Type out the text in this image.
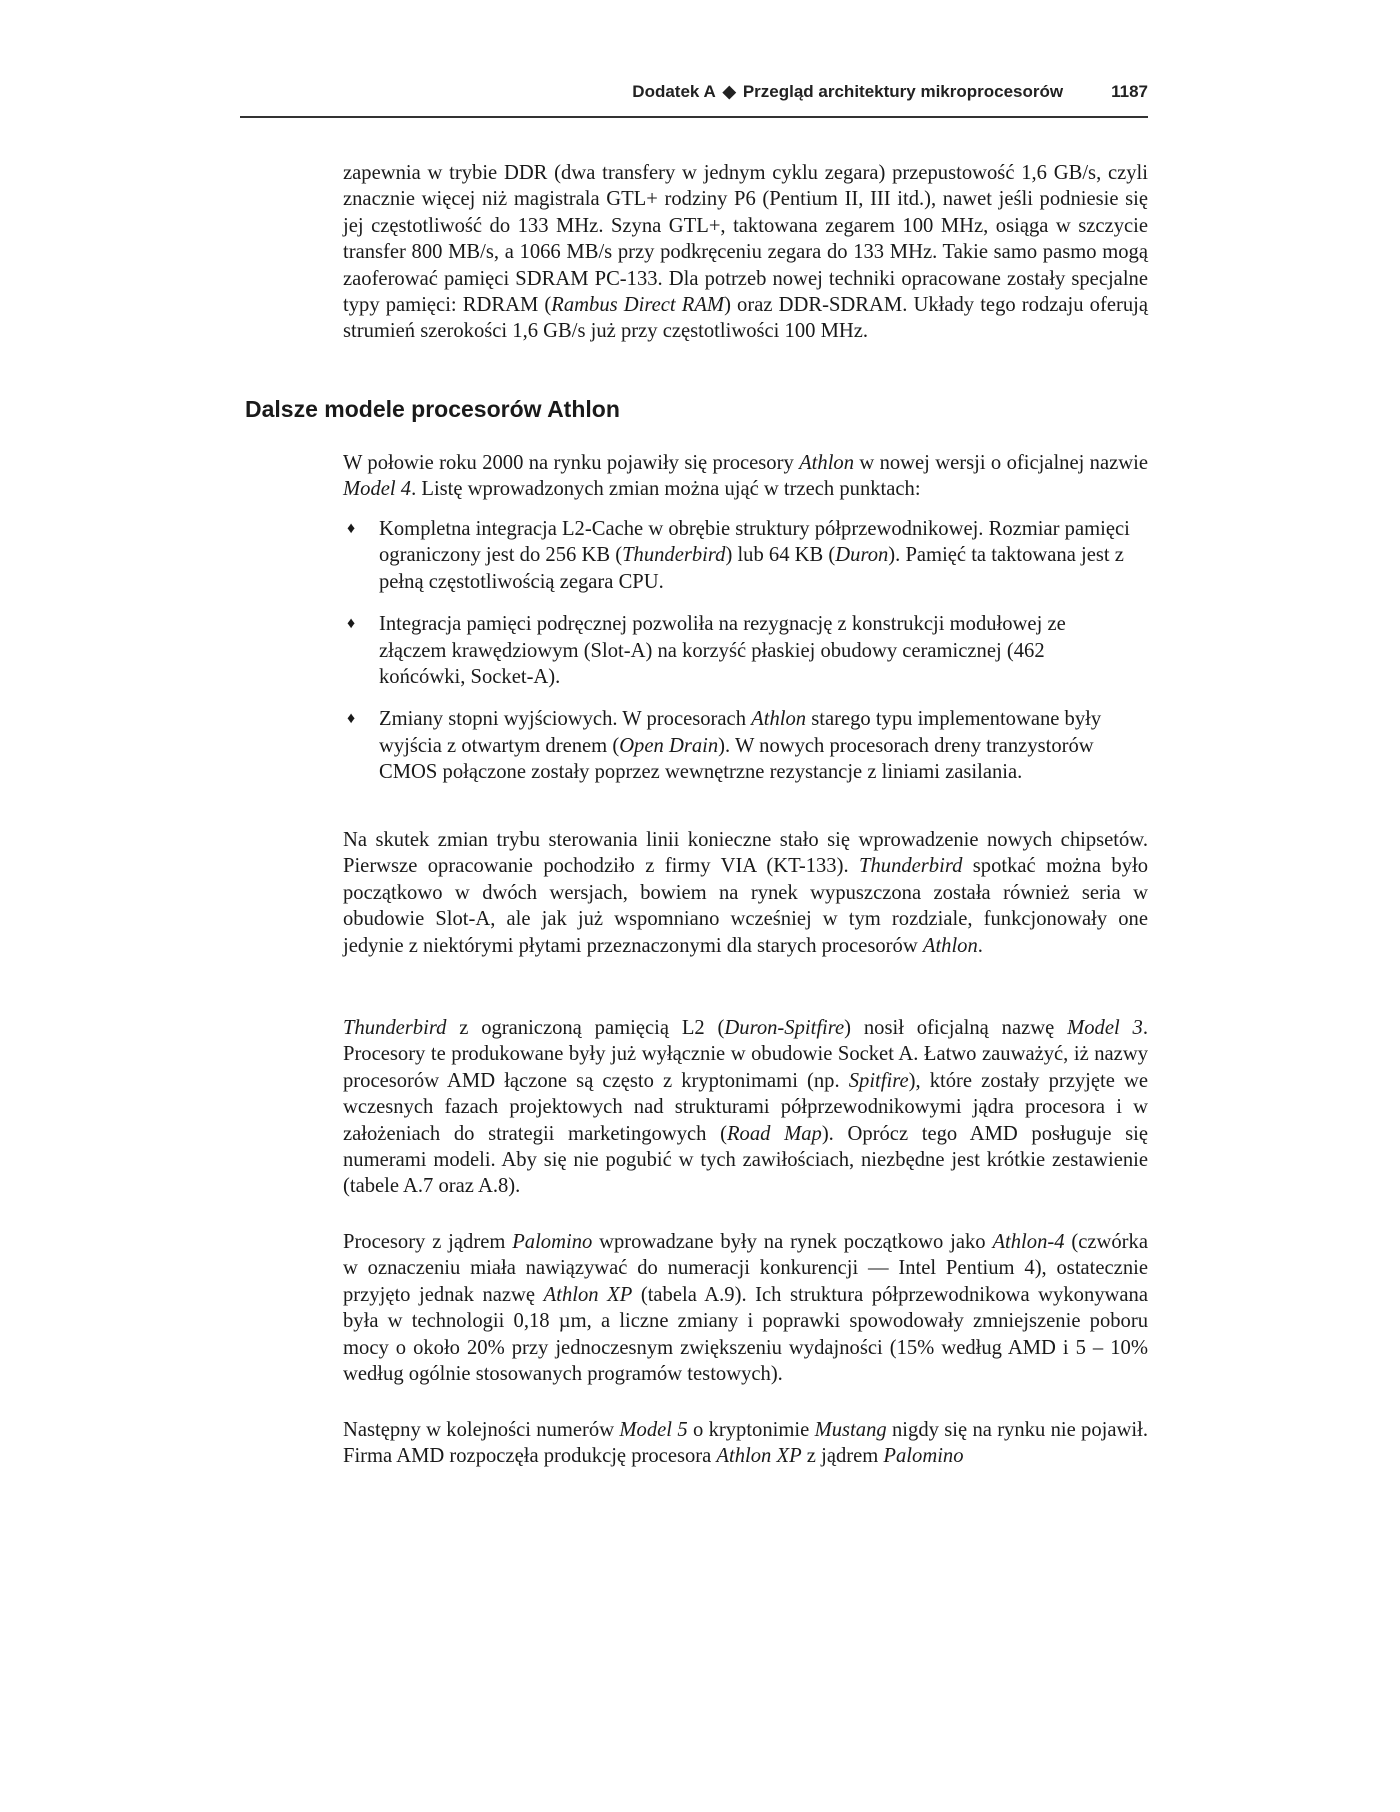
Dodatek A ◆ Przegląd architektury mikroprocesorów	1187

zapewnia w trybie DDR (dwa transfery w jednym cyklu zegara) przepustowość 1,6 GB/s, czyli znacznie więcej niż magistrala GTL+ rodziny P6 (Pentium II, III itd.), nawet jeśli podniesie się jej częstotliwość do 133 MHz. Szyna GTL+, taktowana zegarem 100 MHz, osiąga w szczycie transfer 800 MB/s, a 1066 MB/s przy podkręceniu zegara do 133 MHz. Takie samo pasmo mogą zaoferować pamięci SDRAM PC-133. Dla potrzeb nowej techniki opracowane zostały specjalne typy pamięci: RDRAM (Rambus Direct RAM) oraz DDR-SDRAM. Układy tego rodzaju oferują strumień szerokości 1,6 GB/s już przy częstotliwości 100 MHz.

Dalsze modele procesorów Athlon

W połowie roku 2000 na rynku pojawiły się procesory Athlon w nowej wersji o oficjalnej nazwie Model 4. Listę wprowadzonych zmian można ująć w trzech punktach:

♦	Kompletna integracja L2-Cache w obrębie struktury półprzewodnikowej. Rozmiar pamięci ograniczony jest do 256 KB (Thunderbird) lub 64 KB (Duron). Pamięć ta taktowana jest z pełną częstotliwością zegara CPU.
♦	Integracja pamięci podręcznej pozwoliła na rezygnację z konstrukcji modułowej ze złączem krawędziowym (Slot-A) na korzyść płaskiej obudowy ceramicznej (462 końcówki, Socket-A).
♦	Zmiany stopni wyjściowych. W procesorach Athlon starego typu implementowane były wyjścia z otwartym drenem (Open Drain). W nowych procesorach dreny tranzystorów CMOS połączone zostały poprzez wewnętrzne rezystancje z liniami zasilania.

Na skutek zmian trybu sterowania linii konieczne stało się wprowadzenie nowych chipsetów. Pierwsze opracowanie pochodziło z firmy VIA (KT-133). Thunderbird spotkać można było początkowo w dwóch wersjach, bowiem na rynek wypuszczona została również seria w obudowie Slot-A, ale jak już wspomniano wcześniej w tym rozdziale, funkcjonowały one jedynie z niektórymi płytami przeznaczonymi dla starych procesorów Athlon.

Thunderbird z ograniczoną pamięcią L2 (Duron-Spitfire) nosił oficjalną nazwę Model 3. Procesory te produkowane były już wyłącznie w obudowie Socket A. Łatwo zauważyć, iż nazwy procesorów AMD łączone są często z kryptonimami (np. Spitfire), które zostały przyjęte we wczesnych fazach projektowych nad strukturami półprzewodnikowymi jądra procesora i w założeniach do strategii marketingowych (Road Map). Oprócz tego AMD posługuje się numerami modeli. Aby się nie pogubić w tych zawiłościach, niezbędne jest krótkie zestawienie (tabele A.7 oraz A.8).

Procesory z jądrem Palomino wprowadzane były na rynek początkowo jako Athlon-4 (czwórka w oznaczeniu miała nawiązywać do numeracji konkurencji — Intel Pentium 4), ostatecznie przyjęto jednak nazwę Athlon XP (tabela A.9). Ich struktura półprzewodnikowa wykonywana była w technologii 0,18 µm, a liczne zmiany i poprawki spowodowały zmniejszenie poboru mocy o około 20% przy jednoczesnym zwiększeniu wydajności (15% według AMD i 5 – 10% według ogólnie stosowanych programów testowych).

Następny w kolejności numerów Model 5 o kryptonimie Mustang nigdy się na rynku nie pojawił. Firma AMD rozpoczęła produkcję procesora Athlon XP z jądrem Palomino
